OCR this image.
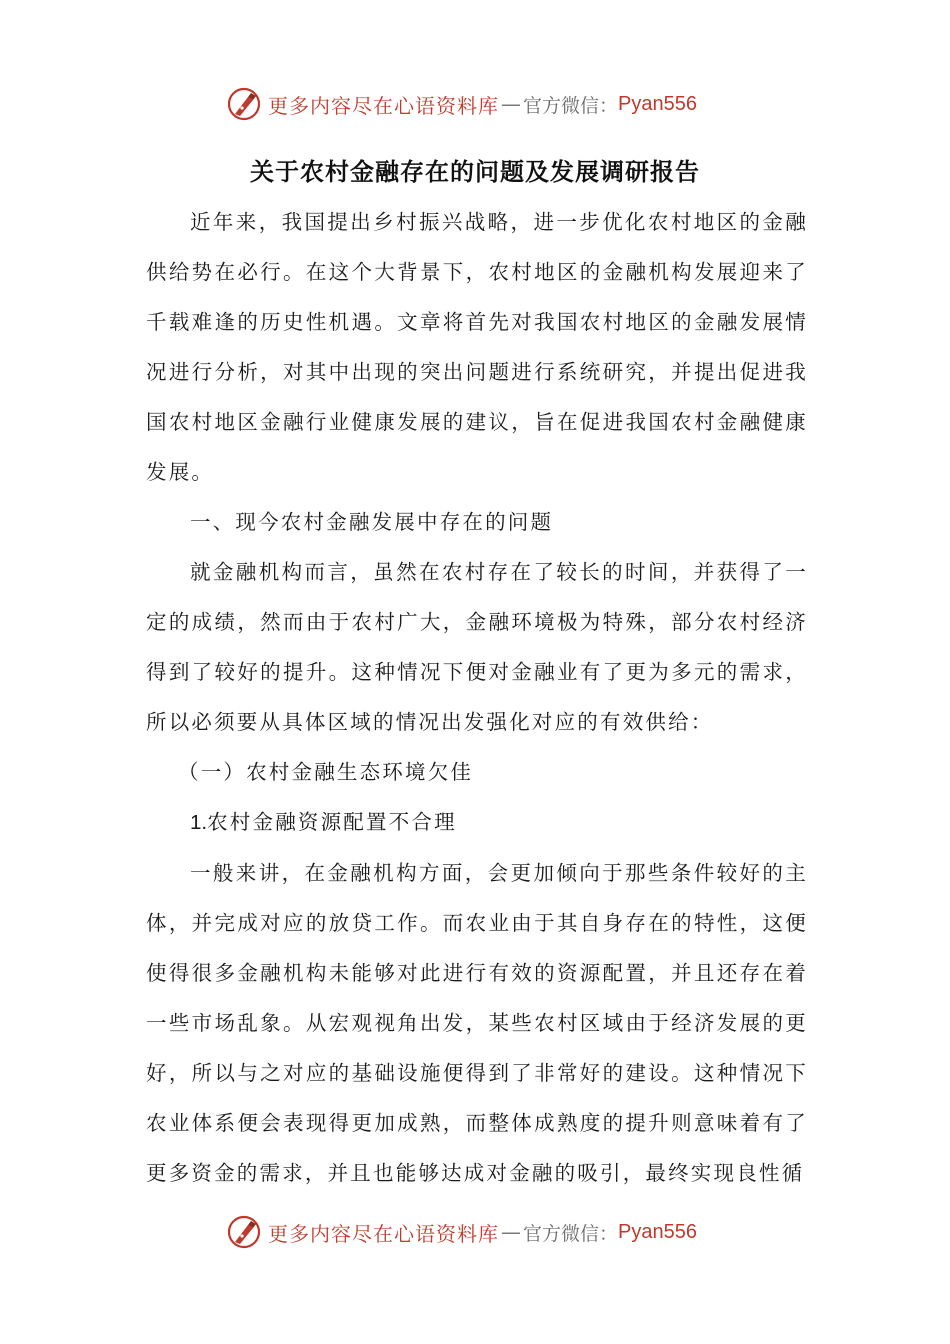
更多内容尽在心语资料库 — 官方微信： Pyan556
关于农村金融存在的问题及发展调研报告

近年来，我国提出乡村振兴战略，进一步优化农村地区的金融供给势在必行。在这个大背景下，农村地区的金融机构发展迎来了千载难逢的历史性机遇。文章将首先对我国农村地区的金融发展情况进行分析，对其中出现的突出问题进行系统研究，并提出促进我国农村地区金融行业健康发展的建议，旨在促进我国农村金融健康发展。

一、现今农村金融发展中存在的问题

就金融机构而言，虽然在农村存在了较长的时间，并获得了一定的成绩，然而由于农村广大，金融环境极为特殊，部分农村经济得到了较好的提升。这种情况下便对金融业有了更为多元的需求，所以必须要从具体区域的情况出发强化对应的有效供给：

（一）农村金融生态环境欠佳

1.农村金融资源配置不合理

一般来讲，在金融机构方面，会更加倾向于那些条件较好的主体，并完成对应的放贷工作。而农业由于其自身存在的特性，这便使得很多金融机构未能够对此进行有效的资源配置，并且还存在着一些市场乱象。从宏观视角出发，某些农村区域由于经济发展的更好，所以与之对应的基础设施便得到了非常好的建设。这种情况下农业体系便会表现得更加成熟，而整体成熟度的提升则意味着有了更多资金的需求，并且也能够达成对金融的吸引，最终实现良性循

更多内容尽在心语资料库 — 官方微信： Pyan556
